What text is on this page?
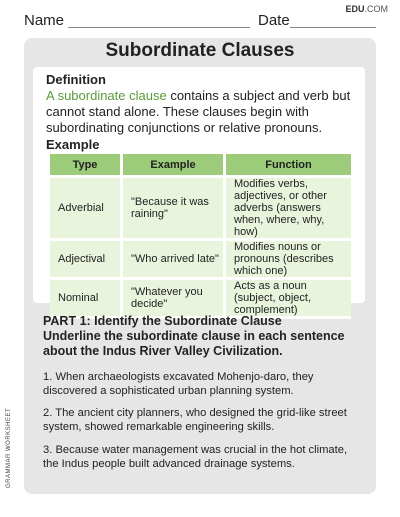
EDU.COM
Name	Date
Subordinate Clauses
Definition
A subordinate clause contains a subject and verb but cannot stand alone. These clauses begin with subordinating conjunctions or relative pronouns.
Example
Type	Example	Function
Adverbial	"Because it was raining"	Modifies verbs, adjectives, or other adverbs (answers when, where, why, how)
Adjectival	"Who arrived late"	Modifies nouns or pronouns (describes which one)
Nominal	"Whatever you decide"	Acts as a noun (subject, object, complement)
PART 1: Identify the Subordinate Clause
Underline the subordinate clause in each sentence about the Indus River Valley Civilization.
1. When archaeologists excavated Mohenjo-daro, they discovered a sophisticated urban planning system.
2. The ancient city planners, who designed the grid-like street system, showed remarkable engineering skills.
3. Because water management was crucial in the hot climate, the Indus people built advanced drainage systems.
GRAMMAR WORKSHEET
